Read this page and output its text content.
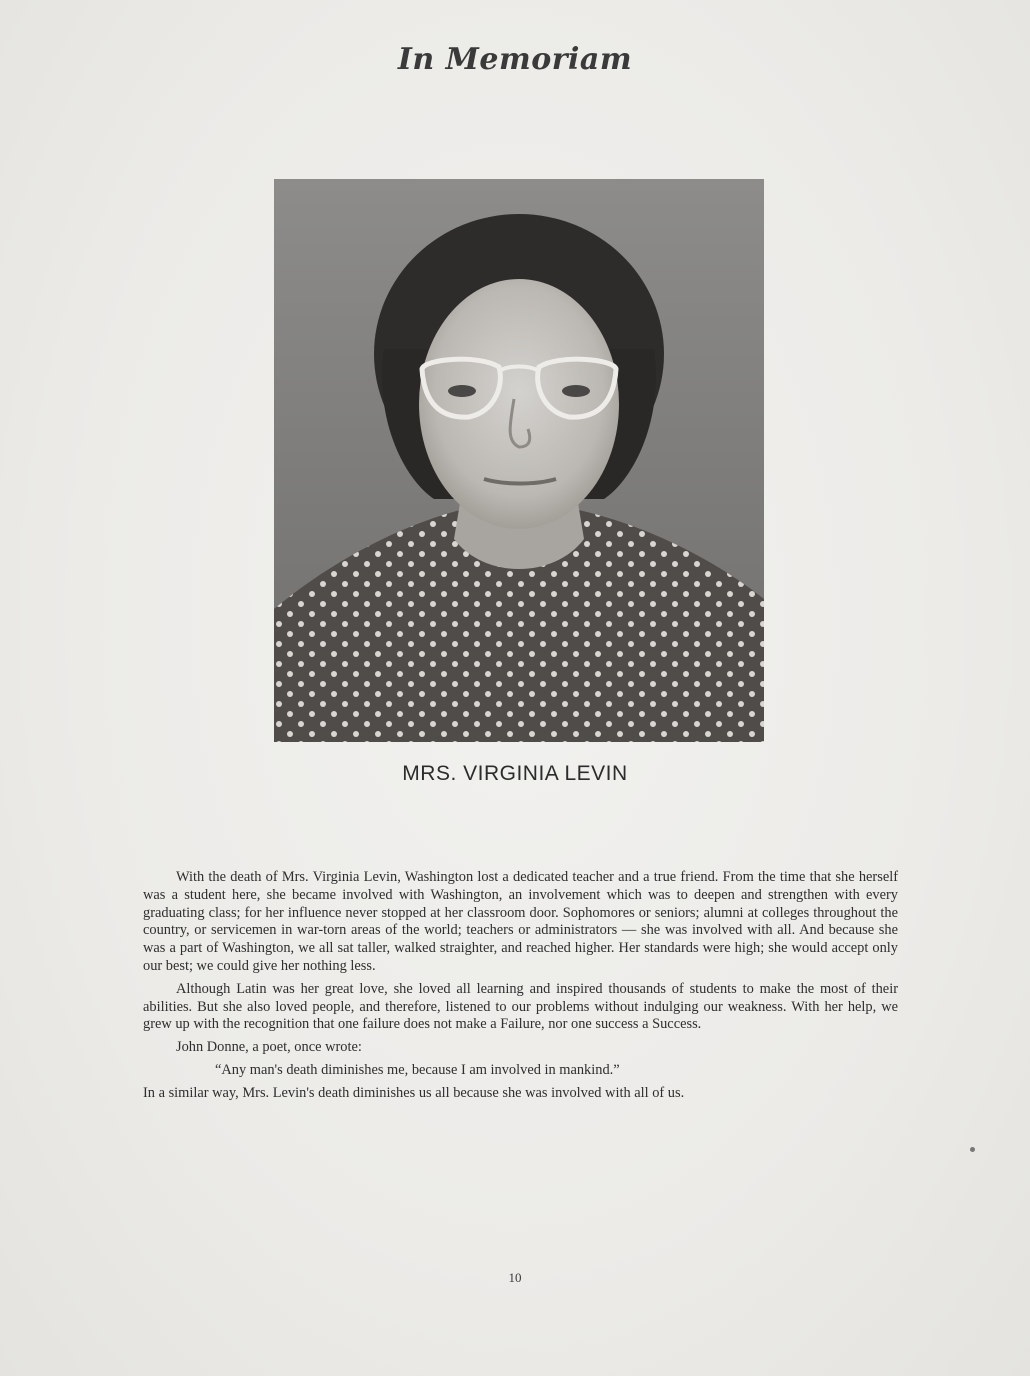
In Memoriam
MRS. VIRGINIA LEVIN

With the death of Mrs. Virginia Levin, Washington lost a dedicated teacher and a true friend. From the time that she herself was a student here, she became involved with Washington, an involvement which was to deepen and strengthen with every graduating class; for her influence never stopped at her classroom door. Sophomores or seniors; alumni at colleges throughout the country, or servicemen in war-torn areas of the world; teachers or administrators — she was involved with all. And because she was a part of Washington, we all sat taller, walked straighter, and reached higher. Her standards were high; she would accept only our best; we could give her nothing less.

Although Latin was her great love, she loved all learning and inspired thousands of students to make the most of their abilities. But she also loved people, and therefore, listened to our problems without indulging our weakness. With her help, we grew up with the recognition that one failure does not make a Failure, nor one success a Success.

John Donne, a poet, once wrote:

“Any man's death diminishes me, because I am involved in mankind.”

In a similar way, Mrs. Levin's death diminishes us all because she was involved with all of us.

10
